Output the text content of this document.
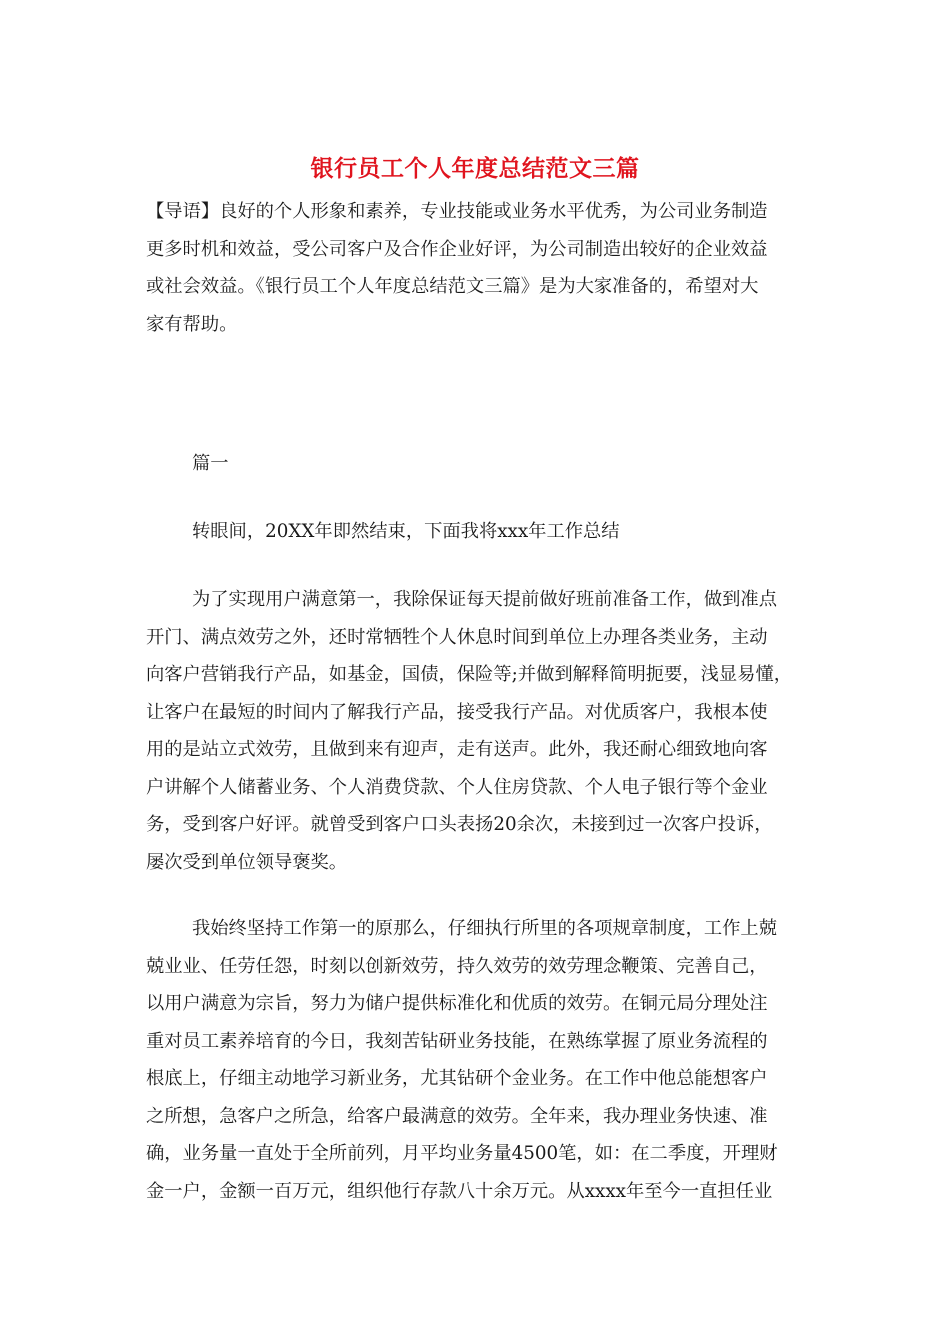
银行员工个人年度总结范文三篇
【导语】良好的个人形象和素养，专业技能或业务水平优秀，为公司业务制造
更多时机和效益，受公司客户及合作企业好评，为公司制造出较好的企业效益
或社会效益。《银行员工个人年度总结范文三篇》是为大家准备的，希望对大
家有帮助。
篇一
转眼间，20XX年即然结束，下面我将xxx年工作总结
为了实现用户满意第一，我除保证每天提前做好班前准备工作，做到准点
开门、满点效劳之外，还时常牺牲个人休息时间到单位上办理各类业务，主动
向客户营销我行产品，如基金，国债，保险等;并做到解释简明扼要，浅显易懂，
让客户在最短的时间内了解我行产品，接受我行产品。对优质客户，我根本使
用的是站立式效劳，且做到来有迎声，走有送声。此外，我还耐心细致地向客
户讲解个人储蓄业务、个人消费贷款、个人住房贷款、个人电子银行等个金业
务，受到客户好评。就曾受到客户口头表扬20余次，未接到过一次客户投诉，
屡次受到单位领导褒奖。
我始终坚持工作第一的原那么，仔细执行所里的各项规章制度，工作上兢
兢业业、任劳任怨，时刻以创新效劳，持久效劳的效劳理念鞭策、完善自己，
以用户满意为宗旨，努力为储户提供标准化和优质的效劳。在铜元局分理处注
重对员工素养培育的今日，我刻苦钻研业务技能，在熟练掌握了原业务流程的
根底上，仔细主动地学习新业务，尤其钻研个金业务。在工作中他总能想客户
之所想，急客户之所急，给客户最满意的效劳。全年来，我办理业务快速、准
确，业务量一直处于全所前列，月平均业务量4500笔，如：在二季度，开理财
金一户，金额一百万元，组织他行存款八十余万元。从xxxx年至今一直担任业
